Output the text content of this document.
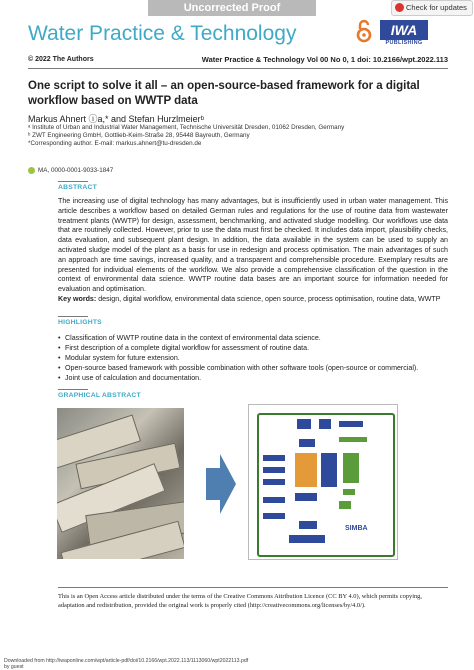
Uncorrected Proof	Check for updates
Water Practice & Technology	IWA
PUBLISHING
© 2022 The Authors	Water Practice & Technology Vol 00 No 0, 1 doi: 10.2166/wpt.2022.113
One script to solve it all – an open-source-based framework for a digital workflow based on WWTP data
Markus Ahnert ⓘa,* and Stefan Hurzlmeierᵇ
ᵃ Institute of Urban and Industrial Water Management, Technische Universität Dresden, 01062 Dresden, Germany
ᵇ ZWT Engineering GmbH, Gottlieb-Keim-Straße 28, 95448 Bayreuth, Germany
*Corresponding author. E-mail: markus.ahnert@tu-dresden.de
MA, 0000-0001-9033-1847
ABSTRACT
The increasing use of digital technology has many advantages, but is insufficiently used in urban water management. This article describes a workflow based on detailed German rules and regulations for the use of routine data from wastewater treatment plants (WWTP) for design, assessment, benchmarking, and activated sludge modelling. Our workflows use data that are routinely collected. However, prior to use the data must first be checked. It includes data import, plausibility checks, data evaluation, and subsequent plant design. In addition, the data available in the system can be used to supply an activated sludge model of the plant as a basis for use in redesign and process optimisation. The main advantages of such an approach are time savings, increased quality, and a transparent and comprehensible procedure. Exemplary results are presented for individual elements of the workflow. We also provide a comprehensive classification of the question in the context of environmental data science. WWTP routine data bases are an important source for information needed for evaluation and optimisation.
Key words: design, digital workflow, environmental data science, open source, process optimisation, routine data, WWTP
HIGHLIGHTS
• Classification of WWTP routine data in the context of environmental data science.
• First description of a complete digital workflow for assessment of routine data.
• Modular system for future extension.
• Open-source based framework with possible combination with other software tools (open-source or commercial).
• Joint use of calculation and documentation.
GRAPHICAL ABSTRACT
SIMBA
This is an Open Access article distributed under the terms of the Creative Commons Attribution Licence (CC BY 4.0), which permits copying, adaptation and redistribution, provided the original work is properly cited (http://creativecommons.org/licenses/by/4.0/).
Downloaded from http://iwaponline.com/wpt/article-pdf/doi/10.2166/wpt.2022.113/1113060/wpt2022113.pdf
by guest
